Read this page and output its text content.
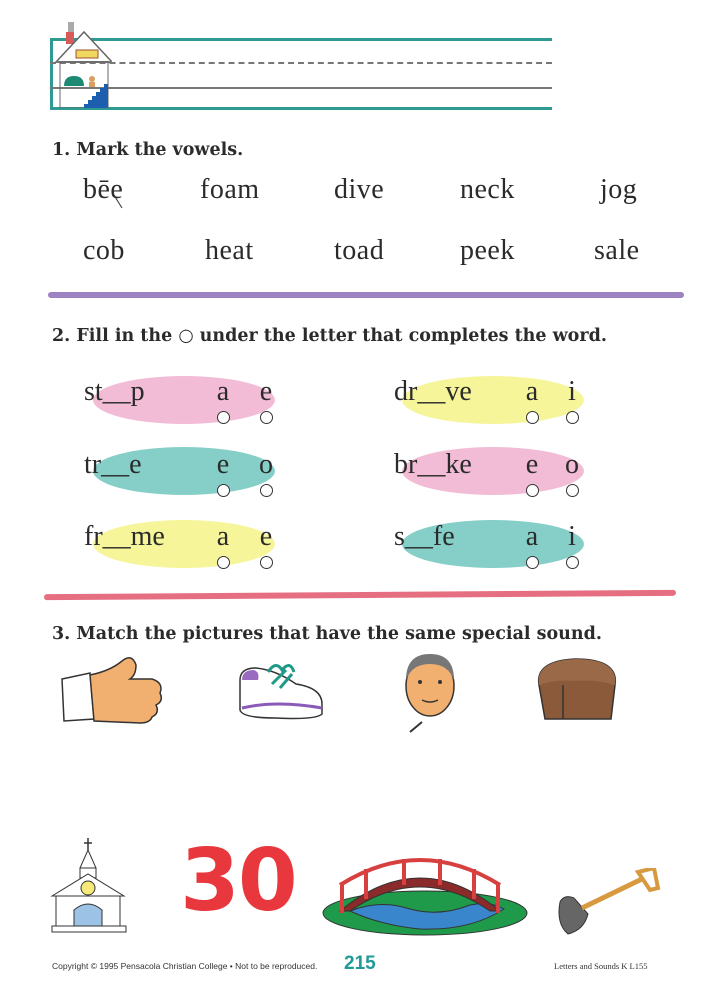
1. Mark the vowels.
bēe	foam	dive	neck	jog
cob	heat	toad	peek	sale
2. Fill in the ○ under the letter that completes the word.
st__p	a e	dr__ve a i
tr__e	e o	br__ke e o
fr__me a e	s__fe	a i
3. Match the pictures that have the same special sound.
30
Copyright © 1995 Pensacola Christian College • Not to be reproduced. 215	Letters and Sounds K L155
